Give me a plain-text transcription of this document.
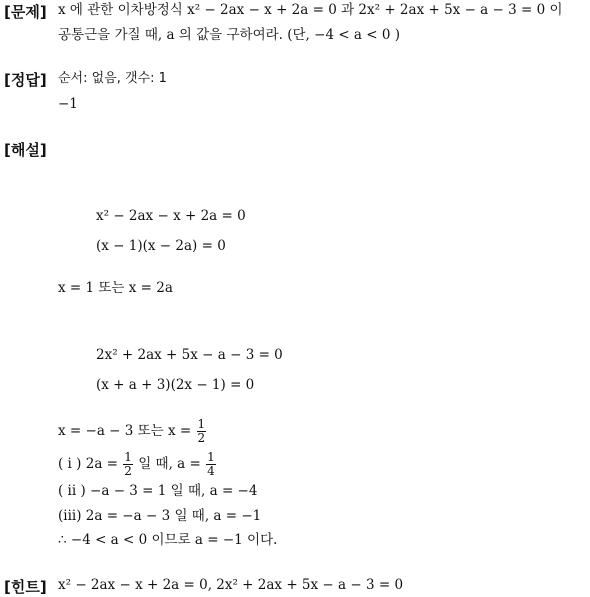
[문제] x 에 관한 이차방정식 x² − 2ax − x + 2a = 0 과 2x² + 2ax + 5x − a − 3 = 0 이
공통근을 가질 때, a 의 값을 구하여라. (단, −4 < a < 0 )
[정답] 순서: 없음, 갯수: 1
−1
[해설]
x² − 2ax − x + 2a = 0
(x − 1)(x − 2a) = 0
x = 1 또는 x = 2a
2x² + 2ax + 5x − a − 3 = 0
(x + a + 3)(2x − 1) = 0
x = −a − 3 또는 $x = \frac{1}{2}$
( i ) $2a = \frac{1}{2}$ 일 때, $a = \frac{1}{4}$
( ii ) −a − 3 = 1 일 때, a = −4
(iii) 2a = −a − 3 일 때, a = −1
∴ −4 < a < 0 이므로 a = −1 이다.
[힌트] x² − 2ax − x + 2a = 0, 2x² + 2ax + 5x − a − 3 = 0
